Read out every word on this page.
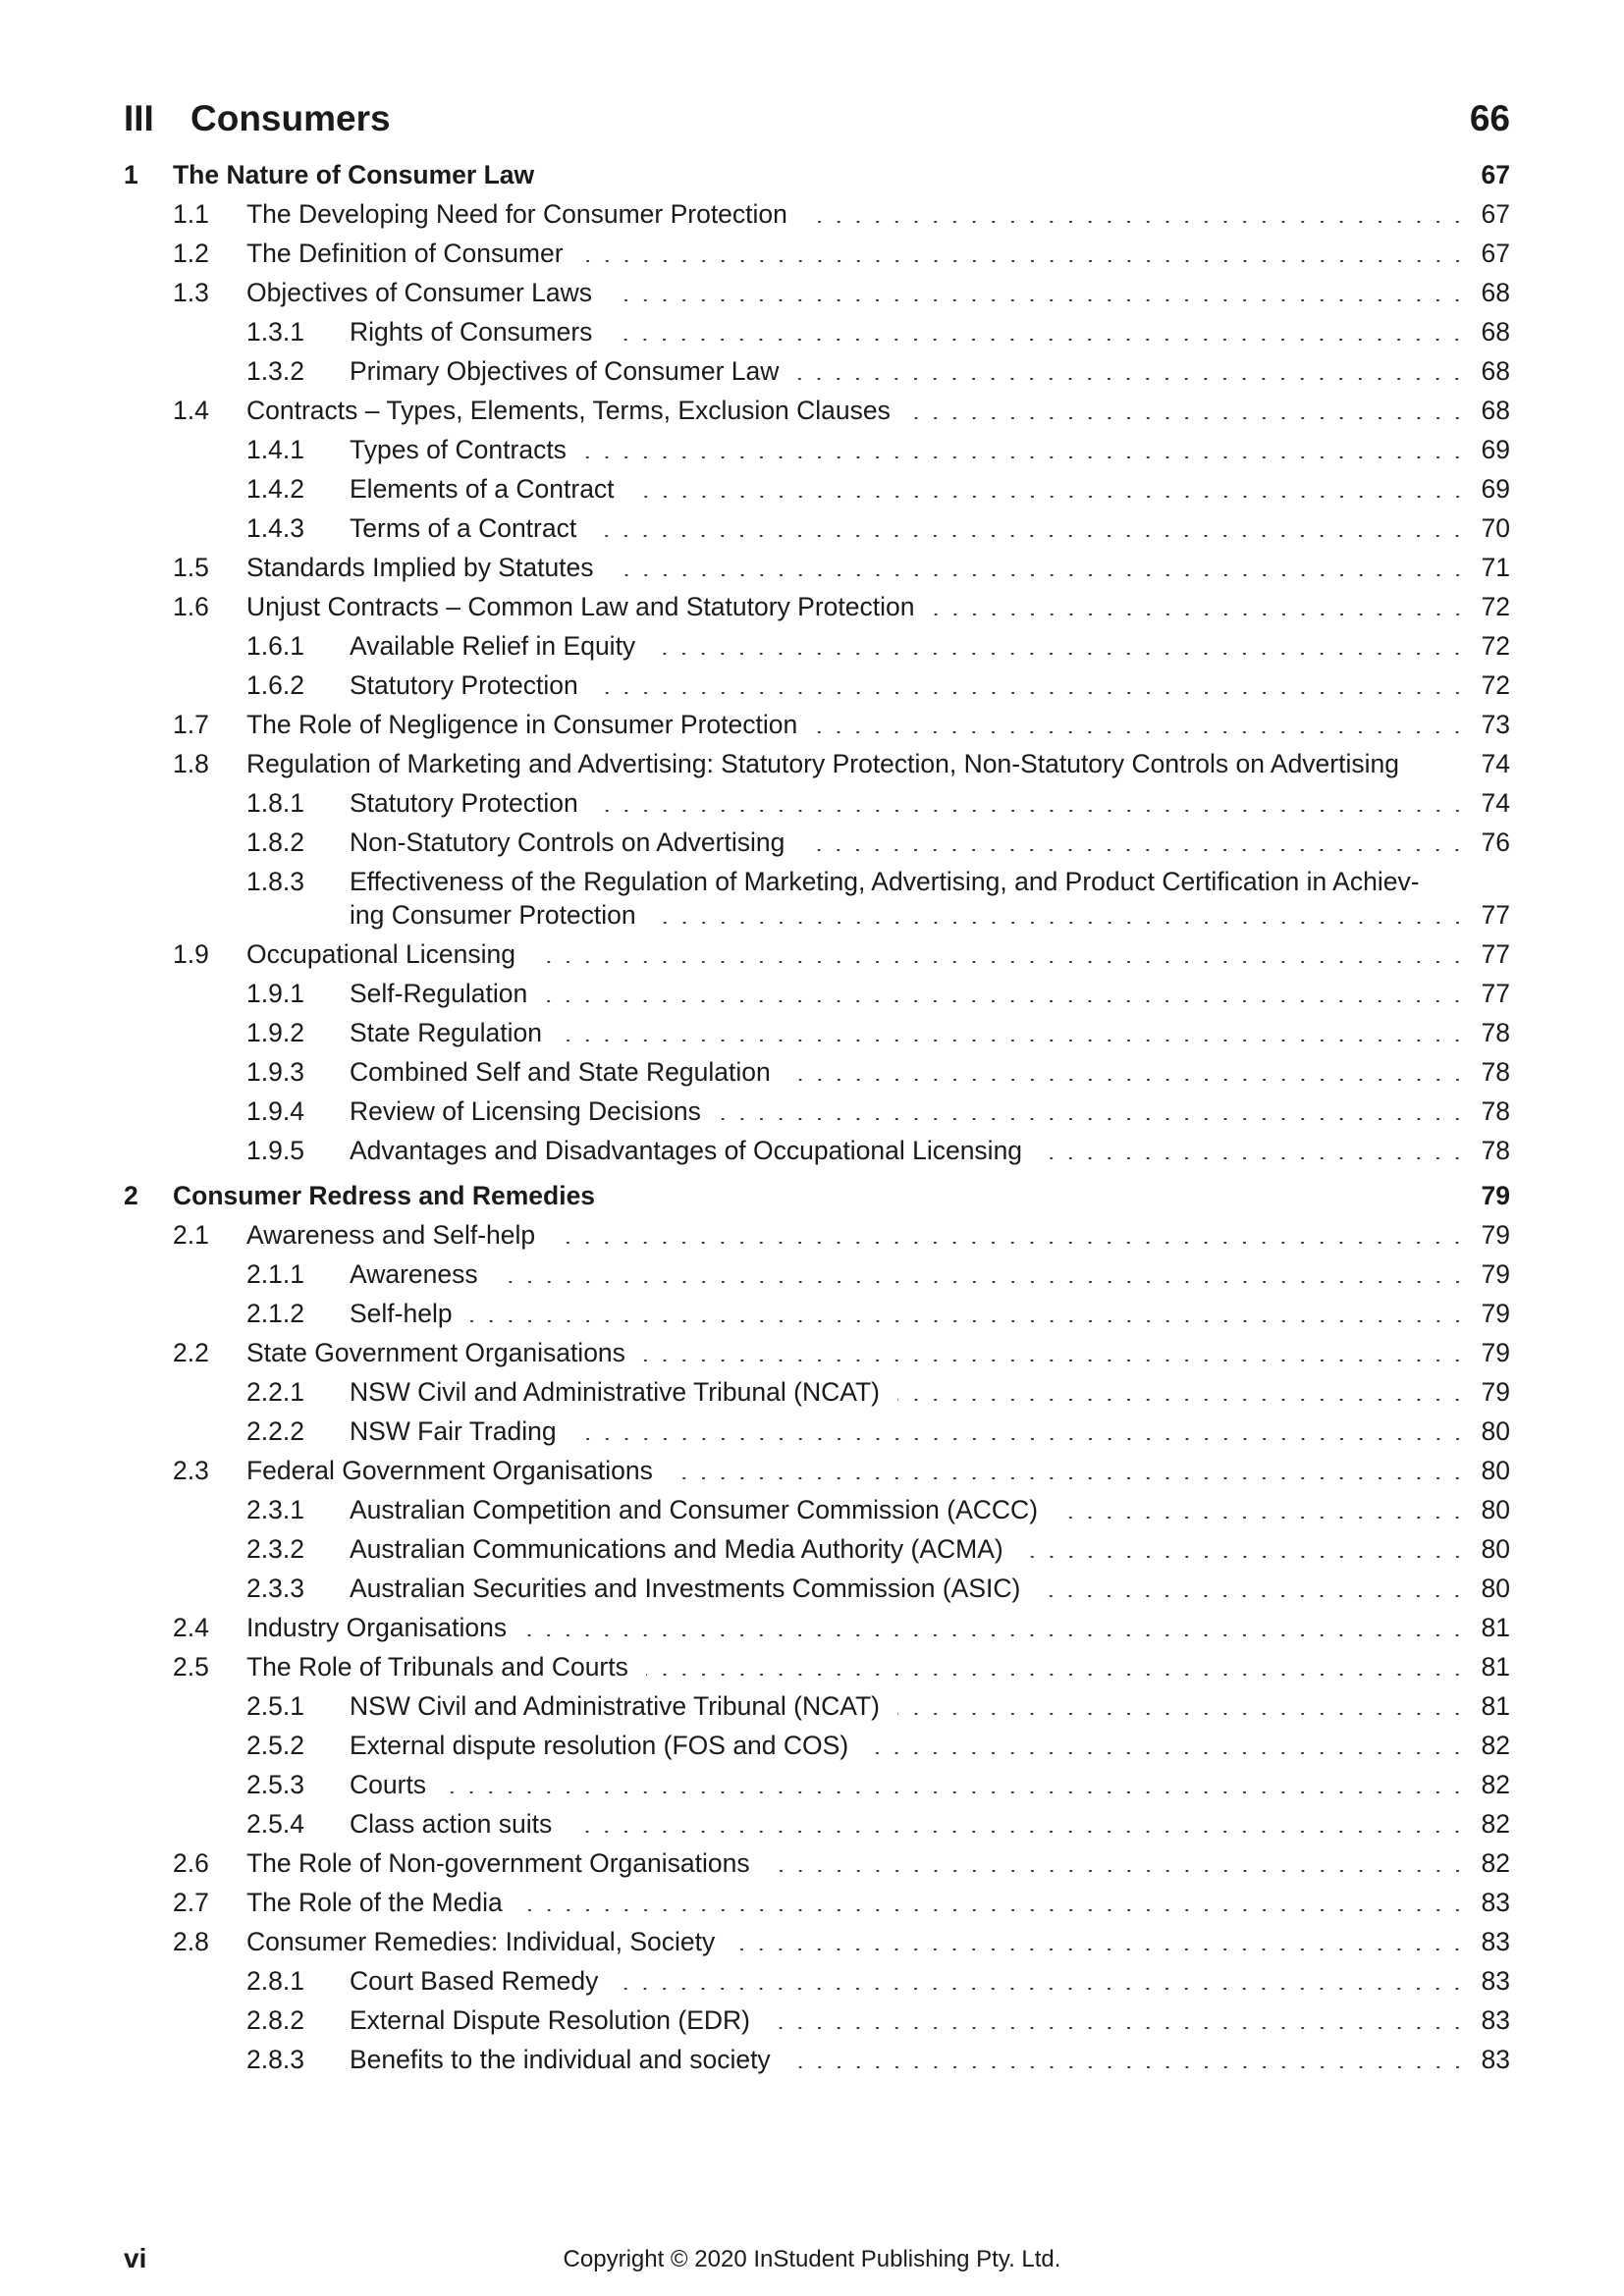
III	Consumers	66
1	The Nature of Consumer Law	67
1.1	The Developing Need for Consumer Protection	67
1.2	The Definition of Consumer	67
1.3	Objectives of Consumer Laws	68
1.3.1	Rights of Consumers	68
1.3.2	Primary Objectives of Consumer Law	68
1.4	Contracts – Types, Elements, Terms, Exclusion Clauses	68
1.4.1	Types of Contracts	69
1.4.2	Elements of a Contract	69
1.4.3	Terms of a Contract	70
1.5	Standards Implied by Statutes	71
1.6	Unjust Contracts – Common Law and Statutory Protection	72
1.6.1	Available Relief in Equity	72
1.6.2	Statutory Protection	72
1.7	The Role of Negligence in Consumer Protection	73
1.8	Regulation of Marketing and Advertising: Statutory Protection, Non-Statutory Controls on Advertising	74
1.8.1	Statutory Protection	74
1.8.2	Non-Statutory Controls on Advertising	76
1.8.3	Effectiveness of the Regulation of Marketing, Advertising, and Product Certification in Achiev-
ing Consumer Protection	77
1.9	Occupational Licensing	77
1.9.1	Self-Regulation	77
1.9.2	State Regulation	78
1.9.3	Combined Self and State Regulation	78
1.9.4	Review of Licensing Decisions	78
1.9.5	Advantages and Disadvantages of Occupational Licensing	78
2	Consumer Redress and Remedies	79
2.1	Awareness and Self-help	79
2.1.1	Awareness	79
2.1.2	Self-help	79
2.2	State Government Organisations	79
2.2.1	NSW Civil and Administrative Tribunal (NCAT)	79
2.2.2	NSW Fair Trading	80
2.3	Federal Government Organisations	80
2.3.1	Australian Competition and Consumer Commission (ACCC)	80
2.3.2	Australian Communications and Media Authority (ACMA)	80
2.3.3	Australian Securities and Investments Commission (ASIC)	80
2.4	Industry Organisations	81
2.5	The Role of Tribunals and Courts	81
2.5.1	NSW Civil and Administrative Tribunal (NCAT)	81
2.5.2	External dispute resolution (FOS and COS)	82
2.5.3	Courts	82
2.5.4	Class action suits	82
2.6	The Role of Non-government Organisations	82
2.7	The Role of the Media	83
2.8	Consumer Remedies: Individual, Society	83
2.8.1	Court Based Remedy	83
2.8.2	External Dispute Resolution (EDR)	83
2.8.3	Benefits to the individual and society	83
vi	Copyright © 2020 InStudent Publishing Pty. Ltd.
